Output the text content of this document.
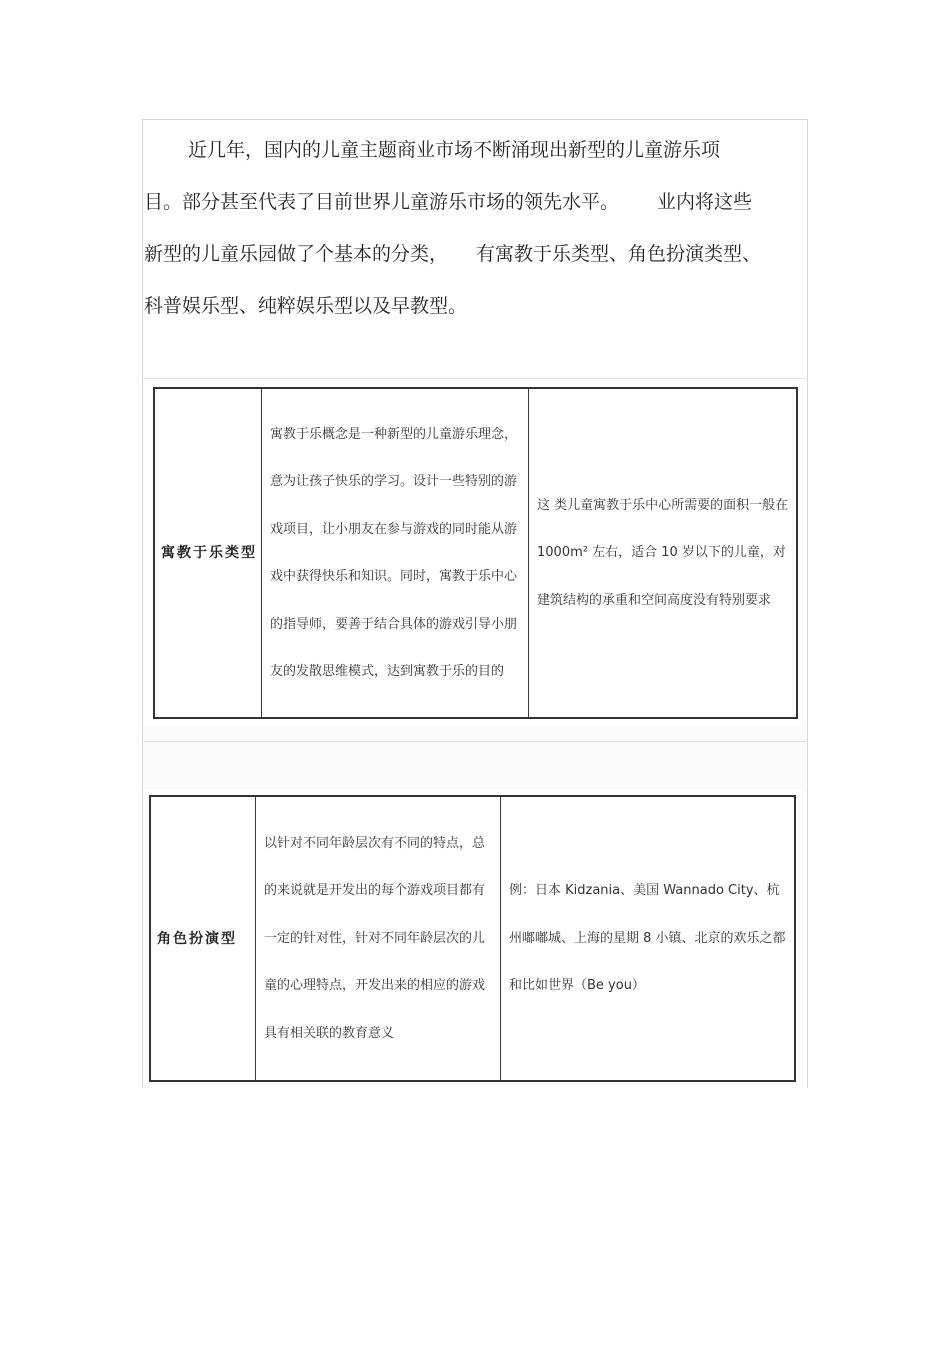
近几年，国内的儿童主题商业市场不断涌现出新型的儿童游乐项
目。部分甚至代表了目前世界儿童游乐市场的领先水平。 业内将这些
新型的儿童乐园做了个基本的分类， 有寓教于乐类型、角色扮演类型、
科普娱乐型、纯粹娱乐型以及早教型。
寓教于乐类型	寓教于乐概念是一种新型的儿童游乐理念，意为让孩子快乐的学习。设计一些特别的游戏项目，让小朋友在参与游戏的同时能从游戏中获得快乐和知识。同时，寓教于乐中心的指导师，要善于结合具体的游戏引导小朋友的发散思维模式，达到寓教于乐的目的	这 类儿童寓教于乐中心所需要的面积一般在 1000m² 左右，适合 10 岁以下的儿童，对建筑结构的承重和空间高度没有特别要求
角色扮演型	以针对不同年龄层次有不同的特点，总的来说就是开发出的每个游戏项目都有一定的针对性，针对不同年龄层次的儿童的心理特点，开发出来的相应的游戏具有相关联的教育意义	例：日本 Kidzania、美国 Wannado City、杭州嘟嘟城、上海的星期 8 小镇、北京的欢乐之都和比如世界（Be you）
